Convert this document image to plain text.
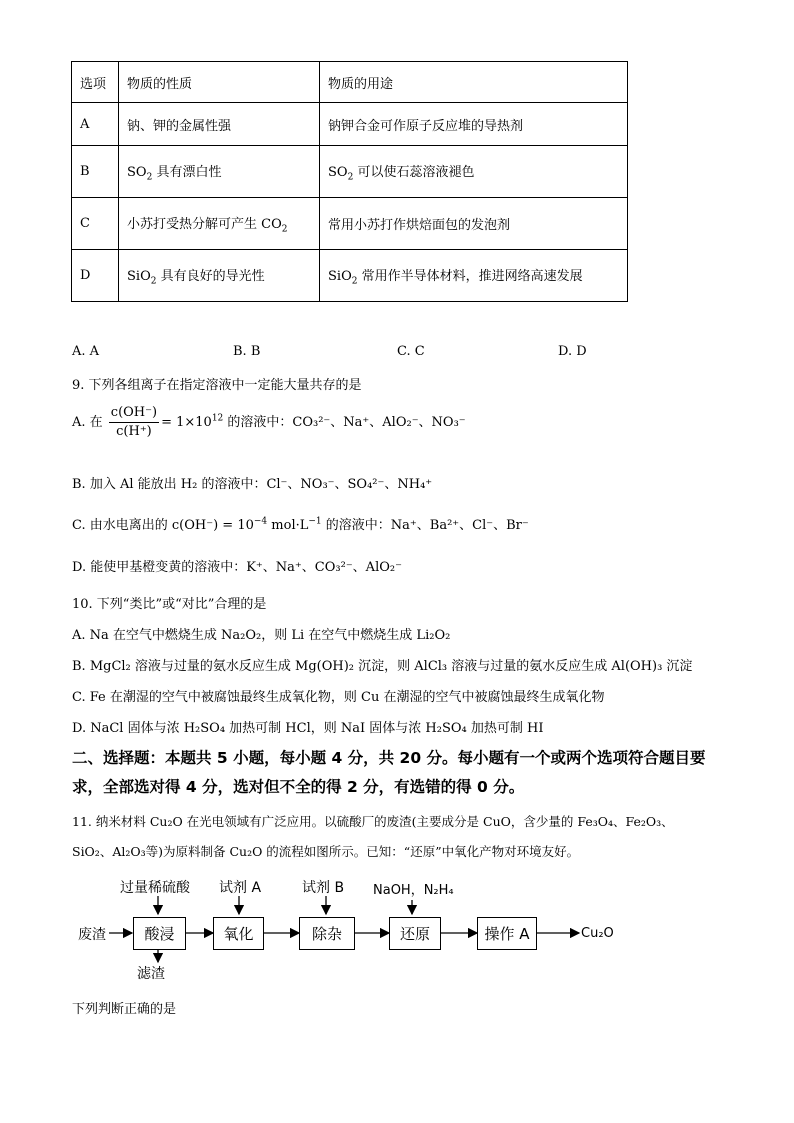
选项	物质的性质	物质的用途
A	钠、钾的金属性强	钠钾合金可作原子反应堆的导热剂
B	$SO_2$ 具有漂白性	$SO_2$ 可以使石蕊溶液褪色
C	小苏打受热分解可产生 $CO_2$	常用小苏打作烘焙面包的发泡剂
D	SiO$_2$ 具有良好的导光性	SiO$_2$ 常用作半导体材料，推进网络高速发展
A. A	B. B	C. C	D. D
9. 下列各组离子在指定溶液中一定能大量共存的是
A. 在 $\frac{c(OH^-)}{c(H^+)} = 1\times 10^{12}$ 的溶液中：CO₃²⁻、Na⁺、AlO₂⁻、NO₃⁻
B. 加入 Al 能放出 H₂ 的溶液中：Cl⁻、NO₃⁻、SO₄²⁻、NH₄⁺
C. 由水电离出的 $c(OH^-) = 10^{-4}$ $mol\cdot L^{-1}$ 的溶液中：Na⁺、Ba²⁺、Cl⁻、Br⁻
D. 能使甲基橙变黄的溶液中：K⁺、Na⁺、CO₃²⁻、AlO₂⁻
10. 下列“类比”或“对比”合理的是
A. Na 在空气中燃烧生成 Na₂O₂，则 Li 在空气中燃烧生成 Li₂O₂
B. MgCl₂ 溶液与过量的氨水反应生成 Mg(OH)₂ 沉淀，则 AlCl₃ 溶液与过量的氨水反应生成 Al(OH)₃ 沉淀
C. Fe 在潮湿的空气中被腐蚀最终生成氧化物，则 Cu 在潮湿的空气中被腐蚀最终生成氧化物
D. NaCl 固体与浓 H₂SO₄ 加热可制 HCl，则 NaI 固体与浓 H₂SO₄ 加热可制 HI
二、选择题：本题共 5 小题，每小题 4 分，共 20 分。每小题有一个或两个选项符合题目要
求，全部选对得 4 分，选对但不全的得 2 分，有选错的得 0 分。
11. 纳米材料 Cu₂O 在光电领域有广泛应用。以硫酸厂的废渣(主要成分是 CuO，含少量的 Fe₃O₄、Fe₂O₃、
SiO₂、Al₂O₃等)为原料制备 Cu₂O 的流程如图所示。已知：“还原”中氧化产物对环境友好。
废渣	酸浸	氧化	除杂	还原	操作 A	Cu₂O
过量稀硫酸 试剂 A	试剂 B NaOH，N₂H₄
滤渣
下列判断正确的是
